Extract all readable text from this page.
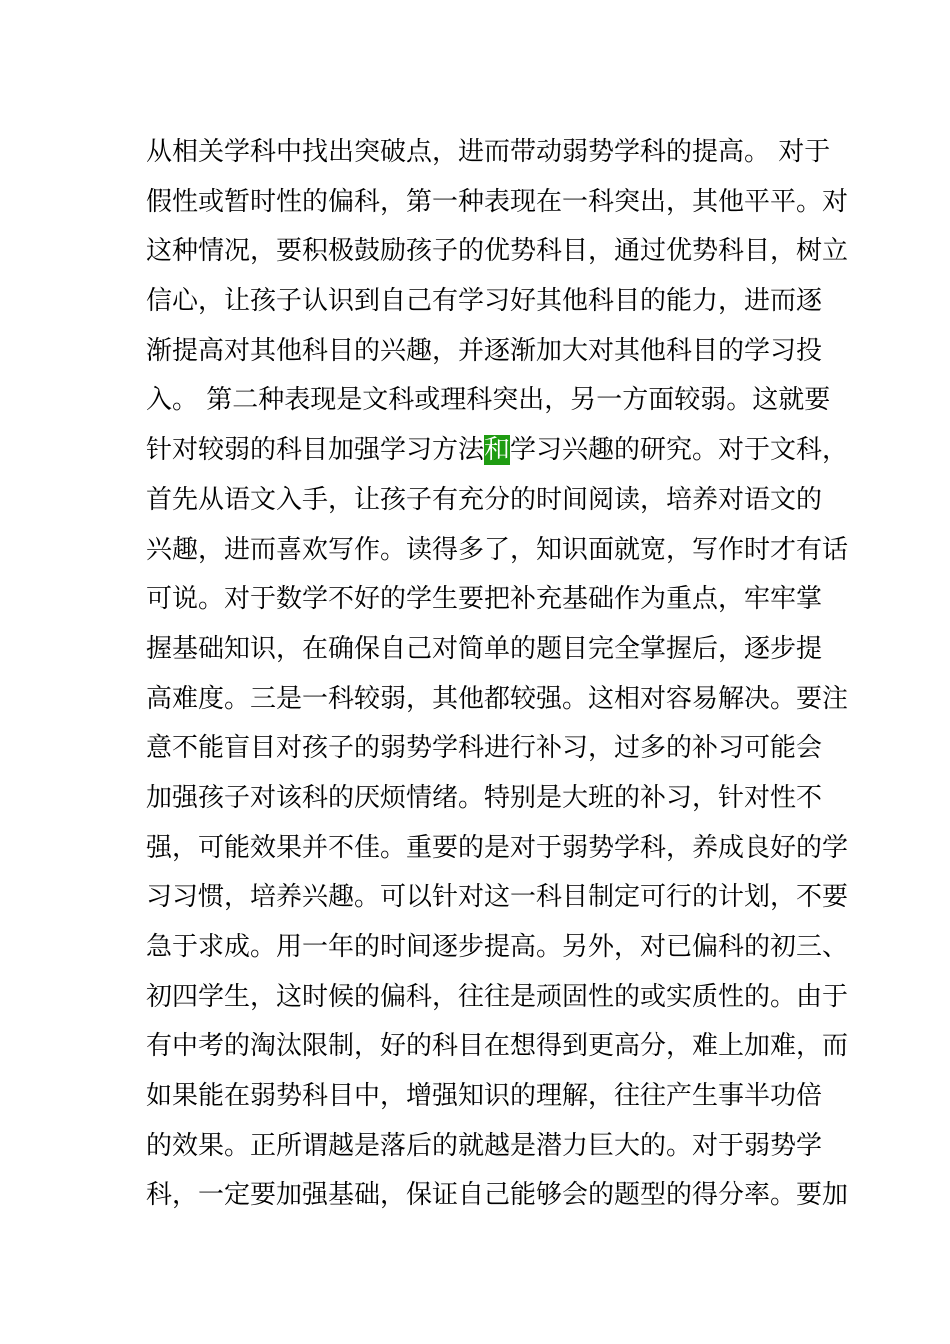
从相关学科中找出突破点，进而带动弱势学科的提高。 对于
假性或暂时性的偏科，第一种表现在一科突出，其他平平。对
这种情况，要积极鼓励孩子的优势科目，通过优势科目，树立
信心，让孩子认识到自己有学习好其他科目的能力，进而逐
渐提高对其他科目的兴趣，并逐渐加大对其他科目的学习投
入。 第二种表现是文科或理科突出，另一方面较弱。这就要
针对较弱的科目加强学习方法和学习兴趣的研究。对于文科，
首先从语文入手，让孩子有充分的时间阅读，培养对语文的
兴趣，进而喜欢写作。读得多了，知识面就宽，写作时才有话
可说。对于数学不好的学生要把补充基础作为重点，牢牢掌
握基础知识，在确保自己对简单的题目完全掌握后，逐步提
高难度。三是一科较弱，其他都较强。这相对容易解决。要注
意不能盲目对孩子的弱势学科进行补习，过多的补习可能会
加强孩子对该科的厌烦情绪。特别是大班的补习，针对性不
强，可能效果并不佳。重要的是对于弱势学科，养成良好的学
习习惯，培养兴趣。可以针对这一科目制定可行的计划，不要
急于求成。用一年的时间逐步提高。另外，对已偏科的初三、
初四学生，这时候的偏科，往往是顽固性的或实质性的。由于
有中考的淘汰限制，好的科目在想得到更高分，难上加难，而
如果能在弱势科目中，增强知识的理解，往往产生事半功倍
的效果。正所谓越是落后的就越是潜力巨大的。对于弱势学
科，一定要加强基础，保证自己能够会的题型的得分率。要加
